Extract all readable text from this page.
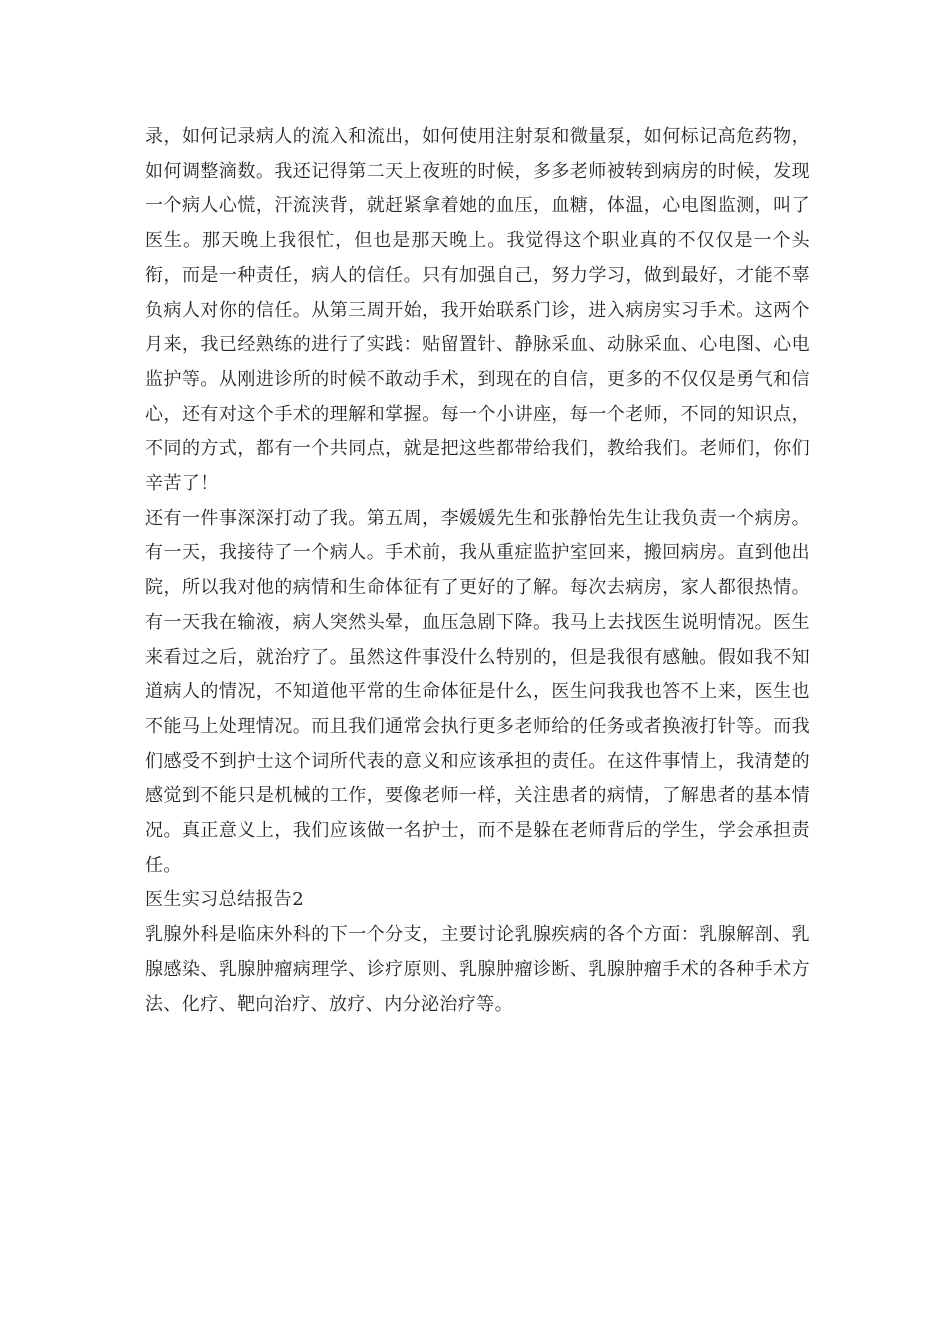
录，如何记录病人的流入和流出，如何使用注射泵和微量泵，如何标记高危药物，如何调整滴数。我还记得第二天上夜班的时候，多多老师被转到病房的时候，发现一个病人心慌，汗流浃背，就赶紧拿着她的血压，血糖，体温，心电图监测，叫了医生。那天晚上我很忙，但也是那天晚上。我觉得这个职业真的不仅仅是一个头衔，而是一种责任，病人的信任。只有加强自己，努力学习，做到最好，才能不辜负病人对你的信任。从第三周开始，我开始联系门诊，进入病房实习手术。这两个月来，我已经熟练的进行了实践：贴留置针、静脉采血、动脉采血、心电图、心电监护等。从刚进诊所的时候不敢动手术，到现在的自信，更多的不仅仅是勇气和信心，还有对这个手术的理解和掌握。每一个小讲座，每一个老师，不同的知识点，不同的方式，都有一个共同点，就是把这些都带给我们，教给我们。老师们，你们辛苦了！

还有一件事深深打动了我。第五周，李媛媛先生和张静怡先生让我负责一个病房。有一天，我接待了一个病人。手术前，我从重症监护室回来，搬回病房。直到他出院，所以我对他的病情和生命体征有了更好的了解。每次去病房，家人都很热情。有一天我在输液，病人突然头晕，血压急剧下降。我马上去找医生说明情况。医生来看过之后，就治疗了。虽然这件事没什么特别的，但是我很有感触。假如我不知道病人的情况，不知道他平常的生命体征是什么，医生问我我也答不上来，医生也不能马上处理情况。而且我们通常会执行更多老师给的任务或者换液打针等。而我们感受不到护士这个词所代表的意义和应该承担的责任。在这件事情上，我清楚的感觉到不能只是机械的工作，要像老师一样，关注患者的病情，了解患者的基本情况。真正意义上，我们应该做一名护士，而不是躲在老师背后的学生，学会承担责任。

医生实习总结报告2

乳腺外科是临床外科的下一个分支，主要讨论乳腺疾病的各个方面：乳腺解剖、乳腺感染、乳腺肿瘤病理学、诊疗原则、乳腺肿瘤诊断、乳腺肿瘤手术的各种手术方法、化疗、靶向治疗、放疗、内分泌治疗等。
